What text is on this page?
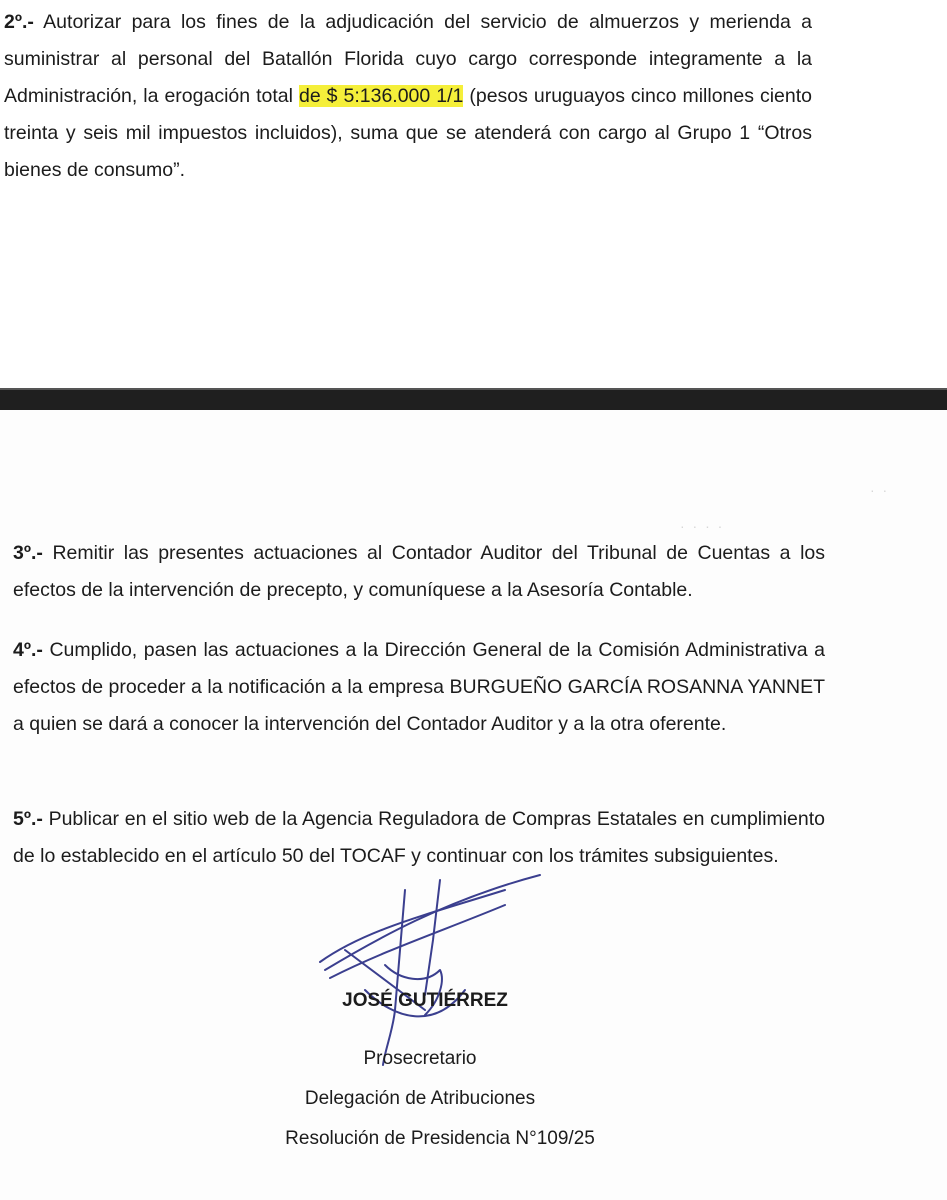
2º.- Autorizar para los fines de la adjudicación del servicio de almuerzos y merienda a suministrar al personal del Batallón Florida cuyo cargo corresponde integramente a la Administración, la erogación total de $ 5:136.000 1/1 (pesos uruguayos cinco millones ciento treinta y seis mil impuestos incluidos), suma que se atenderá con cargo al Grupo 1 “Otros bienes de consumo”.
· ·
· · · ·
3º.- Remitir las presentes actuaciones al Contador Auditor del Tribunal de Cuentas a los efectos de la intervención de precepto, y comuníquese a la Asesoría Contable.
4º.- Cumplido, pasen las actuaciones a la Dirección General de la Comisión Administrativa a efectos de proceder a la notificación a la empresa BURGUEÑO GARCÍA ROSANNA YANNET a quien se dará a conocer la intervención del Contador Auditor y a la otra oferente.
5º.- Publicar en el sitio web de la Agencia Reguladora de Compras Estatales en cumplimiento de lo establecido en el artículo 50 del TOCAF y continuar con los trámites subsiguientes.
JOSÉ GUTIÉRREZ
Prosecretario
Delegación de Atribuciones
Resolución de Presidencia N°109/25
